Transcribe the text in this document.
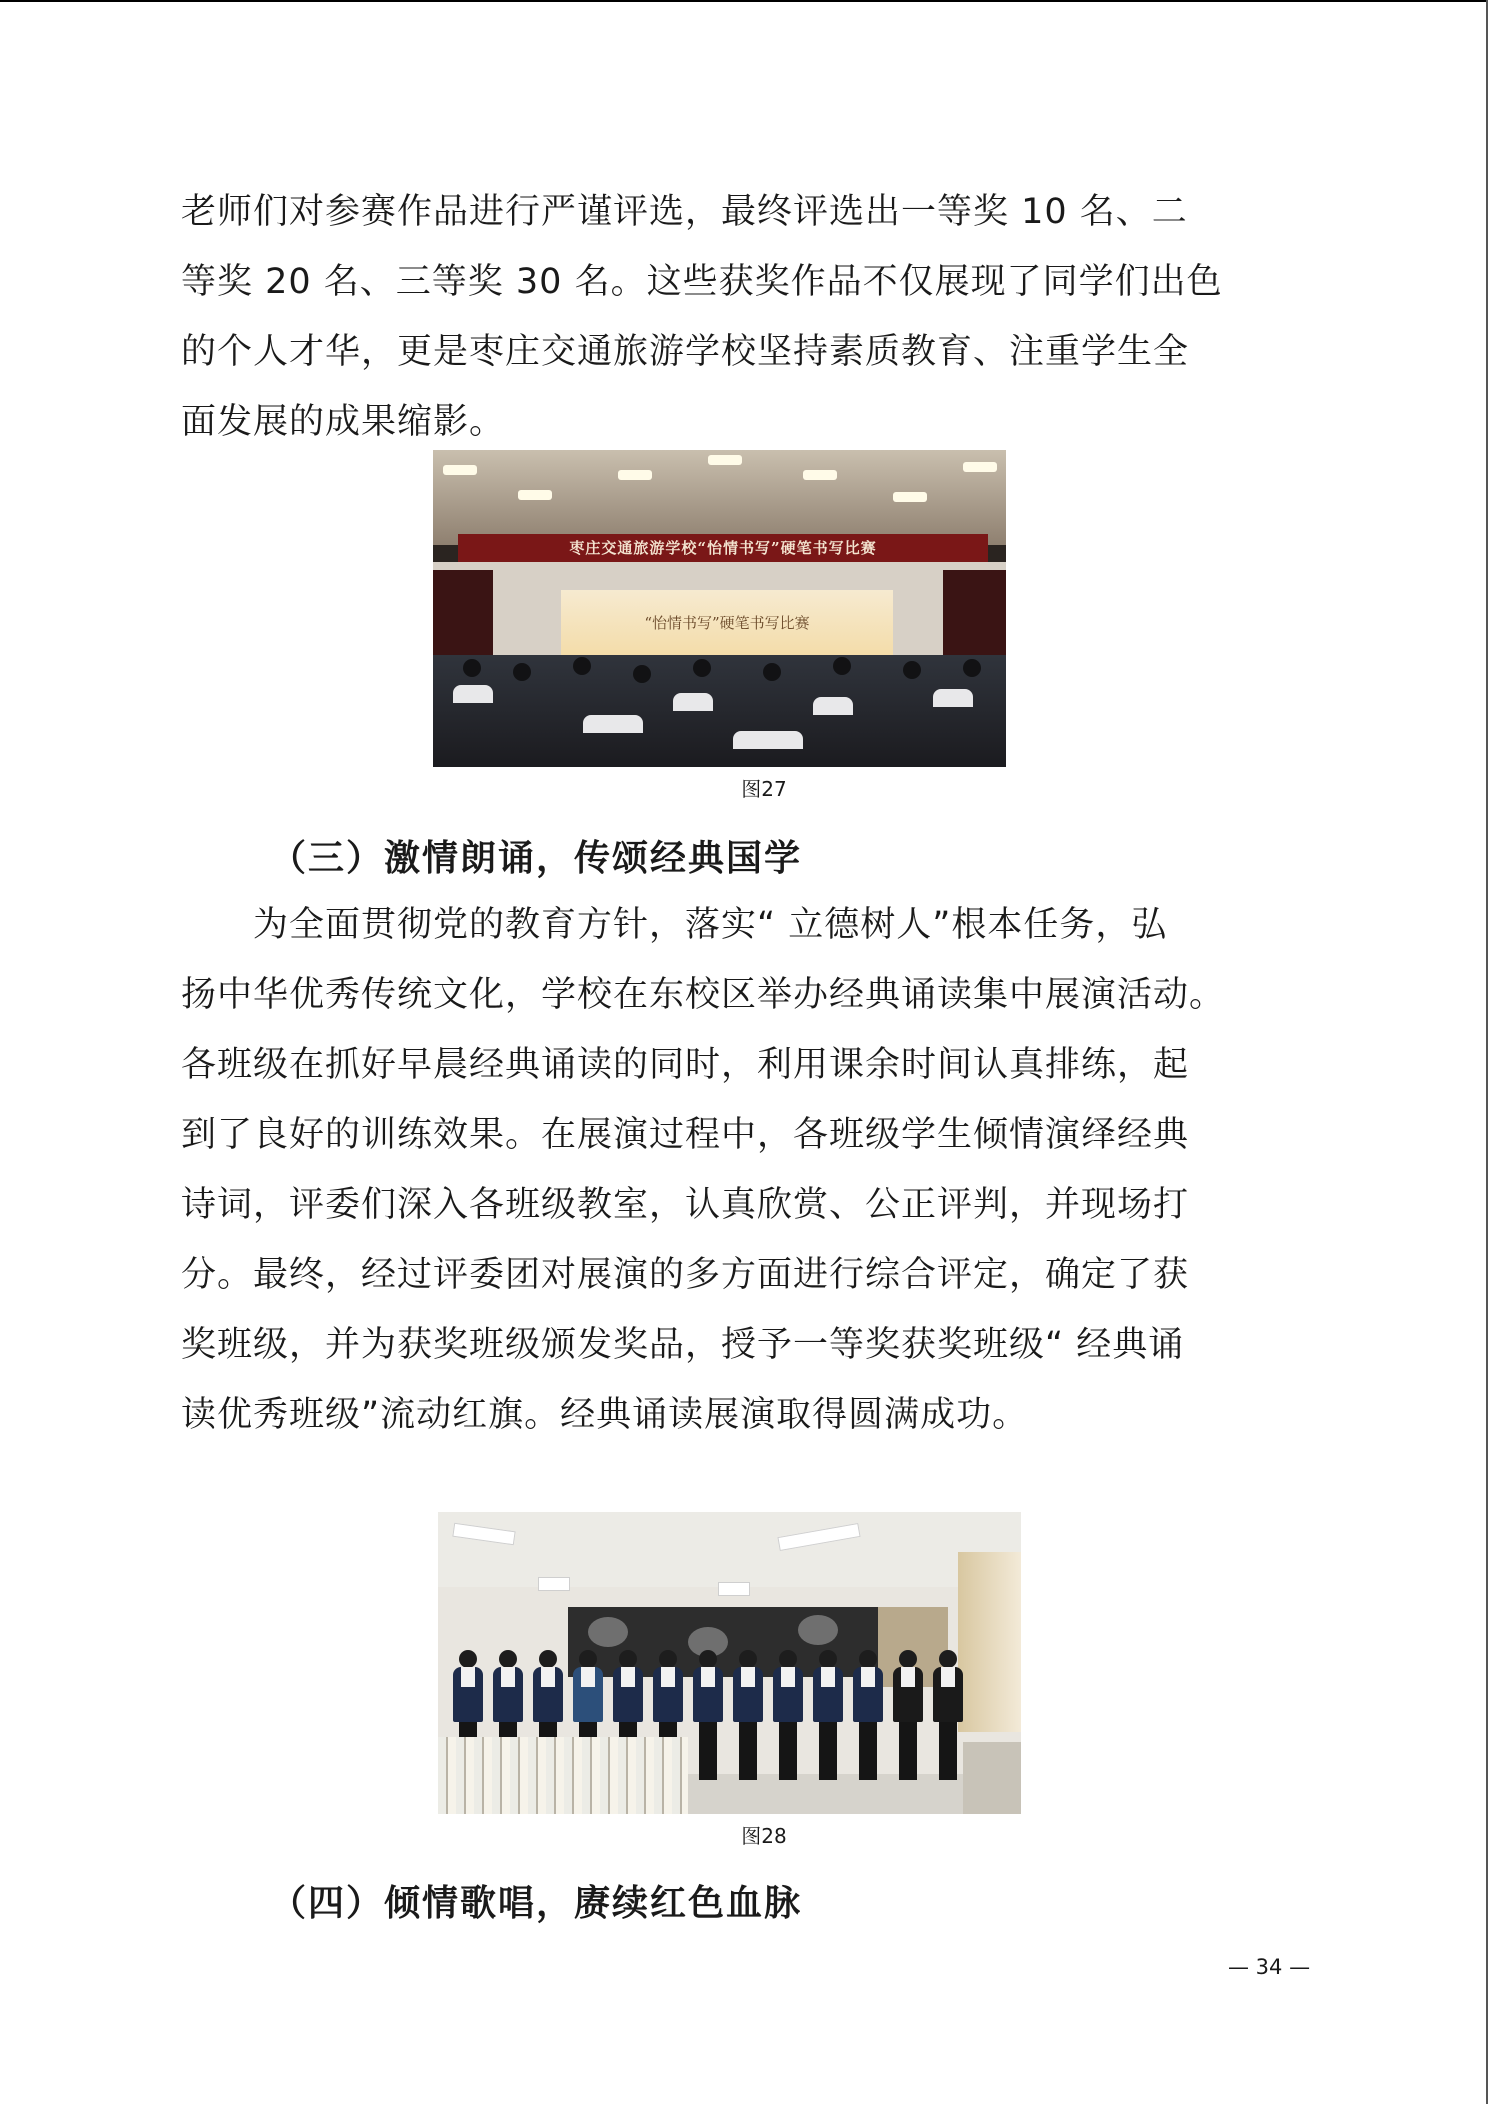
老师们对参赛作品进行严谨评选，最终评选出一等奖 10 名、二
等奖 20 名、三等奖 30 名。这些获奖作品不仅展现了同学们出色
的个人才华，更是枣庄交通旅游学校坚持素质教育、注重学生全
面发展的成果缩影。
枣庄交通旅游学校“怡情书写”硬笔书写比赛
“怡情书写”硬笔书写比赛
图27
（三）激情朗诵，传颂经典国学
　　为全面贯彻党的教育方针，落实“ 立德树人”根本任务，弘
扬中华优秀传统文化，学校在东校区举办经典诵读集中展演活动。
各班级在抓好早晨经典诵读的同时，利用课余时间认真排练，起
到了良好的训练效果。在展演过程中，各班级学生倾情演绎经典
诗词，评委们深入各班级教室，认真欣赏、公正评判，并现场打
分。最终，经过评委团对展演的多方面进行综合评定，确定了获
奖班级，并为获奖班级颁发奖品，授予一等奖获奖班级“ 经典诵
读优秀班级”流动红旗。经典诵读展演取得圆满成功。
图28
（四）倾情歌唱，赓续红色血脉
— 34 —
